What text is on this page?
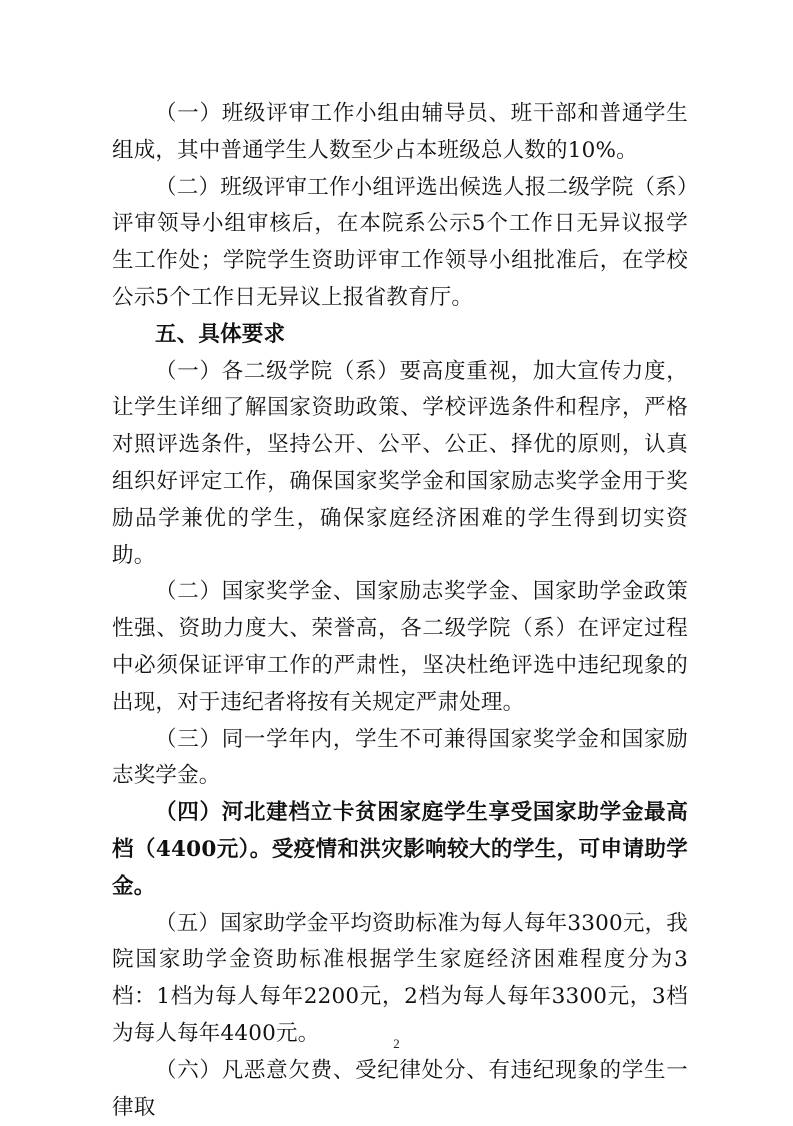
（一）班级评审工作小组由辅导员、班干部和普通学生组成，其中普通学生人数至少占本班级总人数的10%。

（二）班级评审工作小组评选出候选人报二级学院（系）评审领导小组审核后，在本院系公示5个工作日无异议报学生工作处；学院学生资助评审工作领导小组批准后，在学校公示5个工作日无异议上报省教育厅。

五、具体要求

（一）各二级学院（系）要高度重视，加大宣传力度，让学生详细了解国家资助政策、学校评选条件和程序，严格对照评选条件，坚持公开、公平、公正、择优的原则，认真组织好评定工作，确保国家奖学金和国家励志奖学金用于奖励品学兼优的学生，确保家庭经济困难的学生得到切实资助。

（二）国家奖学金、国家励志奖学金、国家助学金政策性强、资助力度大、荣誉高，各二级学院（系）在评定过程中必须保证评审工作的严肃性，坚决杜绝评选中违纪现象的出现，对于违纪者将按有关规定严肃处理。

（三）同一学年内，学生不可兼得国家奖学金和国家励志奖学金。

（四）河北建档立卡贫困家庭学生享受国家助学金最高档（4400元）。受疫情和洪灾影响较大的学生，可申请助学金。

（五）国家助学金平均资助标准为每人每年3300元，我院国家助学金资助标准根据学生家庭经济困难程度分为3档：1档为每人每年2200元，2档为每人每年3300元，3档为每人每年4400元。

（六）凡恶意欠费、受纪律处分、有违纪现象的学生一律取

2
